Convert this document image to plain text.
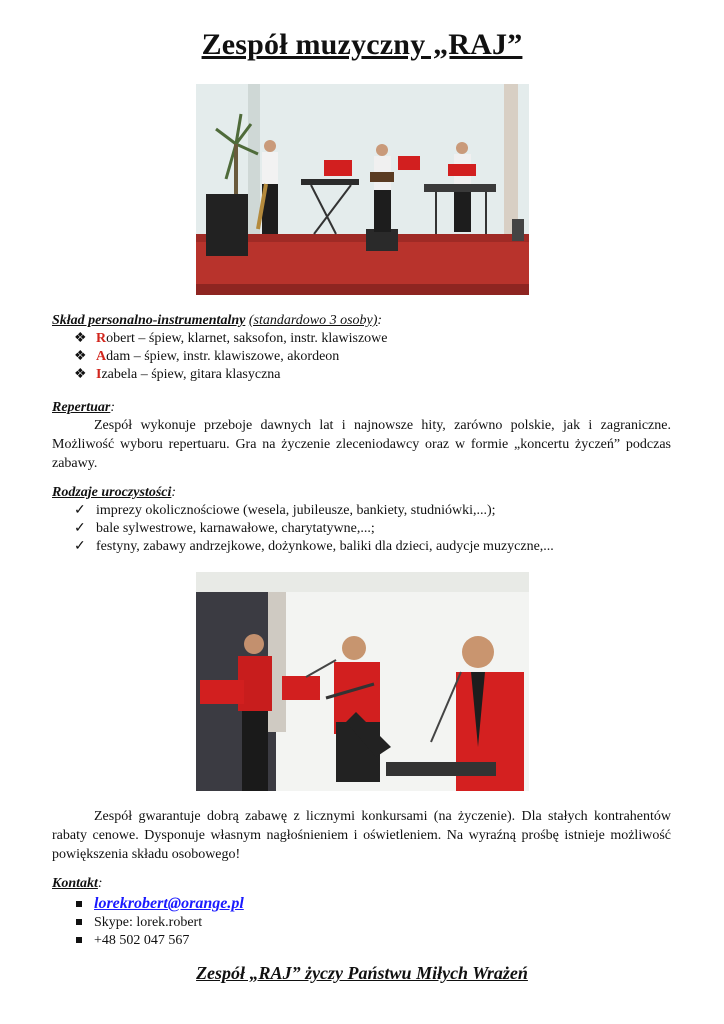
Zespół muzyczny „RAJ”
Skład personalno-instrumentalny (standardowo 3 osoby):
❖ Robert – śpiew, klarnet, saksofon, instr. klawiszowe
❖ Adam – śpiew, instr. klawiszowe, akordeon
❖ Izabela – śpiew, gitara klasyczna
Repertuar:
Zespół wykonuje przeboje dawnych lat i najnowsze hity, zarówno polskie, jak i zagraniczne. Możliwość wyboru repertuaru. Gra na życzenie zleceniodawcy oraz w formie „koncertu życzeń” podczas zabawy.
Rodzaje uroczystości:
✓ imprezy okolicznościowe (wesela, jubileusze, bankiety, studniówki,...);
✓ bale sylwestrowe, karnawałowe, charytatywne,...;
✓ festyny, zabawy andrzejkowe, dożynkowe, baliki dla dzieci, audycje muzyczne,...
Zespół gwarantuje dobrą zabawę z licznymi konkursami (na życzenie). Dla stałych kontrahentów rabaty cenowe. Dysponuje własnym nagłośnieniem i oświetleniem. Na wyraźną prośbę istnieje możliwość powiększenia składu osobowego!
Kontakt:
lorekrobert@orange.pl
Skype: lorek.robert
+48 502 047 567
Zespół „RAJ” życzy Państwu Miłych Wrażeń
